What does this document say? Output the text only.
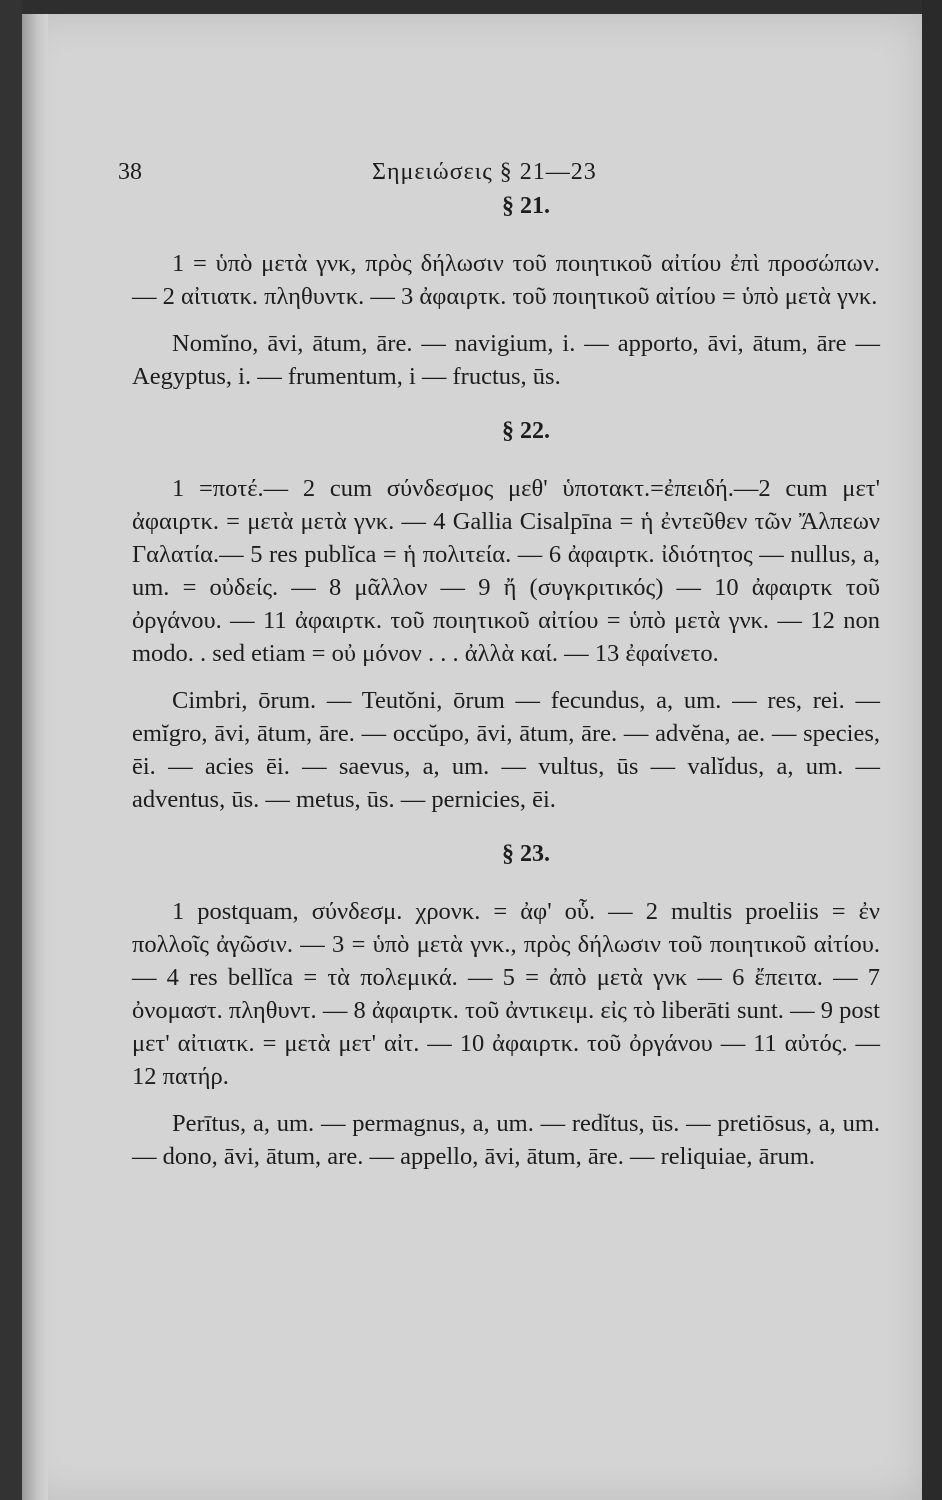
38	Σημειώσεις § 21—23
§ 21.

1 = ὑπὸ μετὰ γνκ, πρὸς δήλωσιν τοῦ ποιητικοῦ αἰτίου ἐπὶ προσώπων. — 2 αἰτιατκ. πληθυντκ. — 3 ἀφαιρτκ. τοῦ ποιητικοῦ αἰτίου = ὑπὸ μετὰ γνκ.

Nomĭno, āvi, ātum, āre. — navigium, i. — apporto, āvi, ātum, āre — Aegyptus, i. — frumentum, i — fructus, ūs.

§ 22.

1 =ποτέ.— 2 cum σύνδεσμος μεθ' ὑποτακτ.=ἐπειδή.—2 cum μετ' ἀφαιρτκ. = μετὰ μετὰ γνκ. — 4 Gallia Cisalpīna = ἡ ἐντεῦθεν τῶν Ἄλπεων Γαλατία.— 5 res publĭca = ἡ πολιτεία. — 6 ἀφαιρτκ. ἰδιότητος — nullus, a, um. = οὐδείς. — 8 μᾶλλον — 9 ἤ (συγκριτικός) — 10 ἀφαιρτκ τοῦ ὀργάνου. — 11 ἀφαιρτκ. τοῦ ποιητικοῦ αἰτίου = ὑπὸ μετὰ γνκ. — 12 non modo. . sed etiam = οὐ μόνον . . . ἀλλὰ καί. — 13 ἐφαίνετο.

Cimbri, ōrum. — Teutŏni, ōrum — fecundus, a, um. — res, rei. — emĭgro, āvi, ātum, āre. — occŭpo, āvi, ātum, āre. — advĕna, ae. — species, ēi. — acies ēi. — saevus, a, um. — vultus, ūs — valĭdus, a, um. — adventus, ūs. — metus, ūs. — pernicies, ēi.

§ 23.

1 postquam, σύνδεσμ. χρονκ. = ἀφ' οὗ. — 2 multis proeliis = ἐν πολλοῖς ἀγῶσιν. — 3 = ὑπὸ μετὰ γνκ., πρὸς δήλωσιν τοῦ ποιητικοῦ αἰτίου. — 4 res bellĭca = τὰ πολεμικά. — 5 = ἀπὸ μετὰ γνκ — 6 ἔπειτα. — 7 ὀνομαστ. πληθυντ. — 8 ἀφαιρτκ. τοῦ ἀντικειμ. εἰς τὸ liberāti sunt. — 9 post μετ' αἰτιατκ. = μετὰ μετ' αἰτ. — 10 ἀφαιρτκ. τοῦ ὀργάνου — 11 αὐτός. — 12 πατήρ.

Perītus, a, um. — permagnus, a, um. — redĭtus, ūs. — pretiōsus, a, um. — dono, āvi, ātum, are. — appello, āvi, ātum, āre. — reliquiae, ārum.
